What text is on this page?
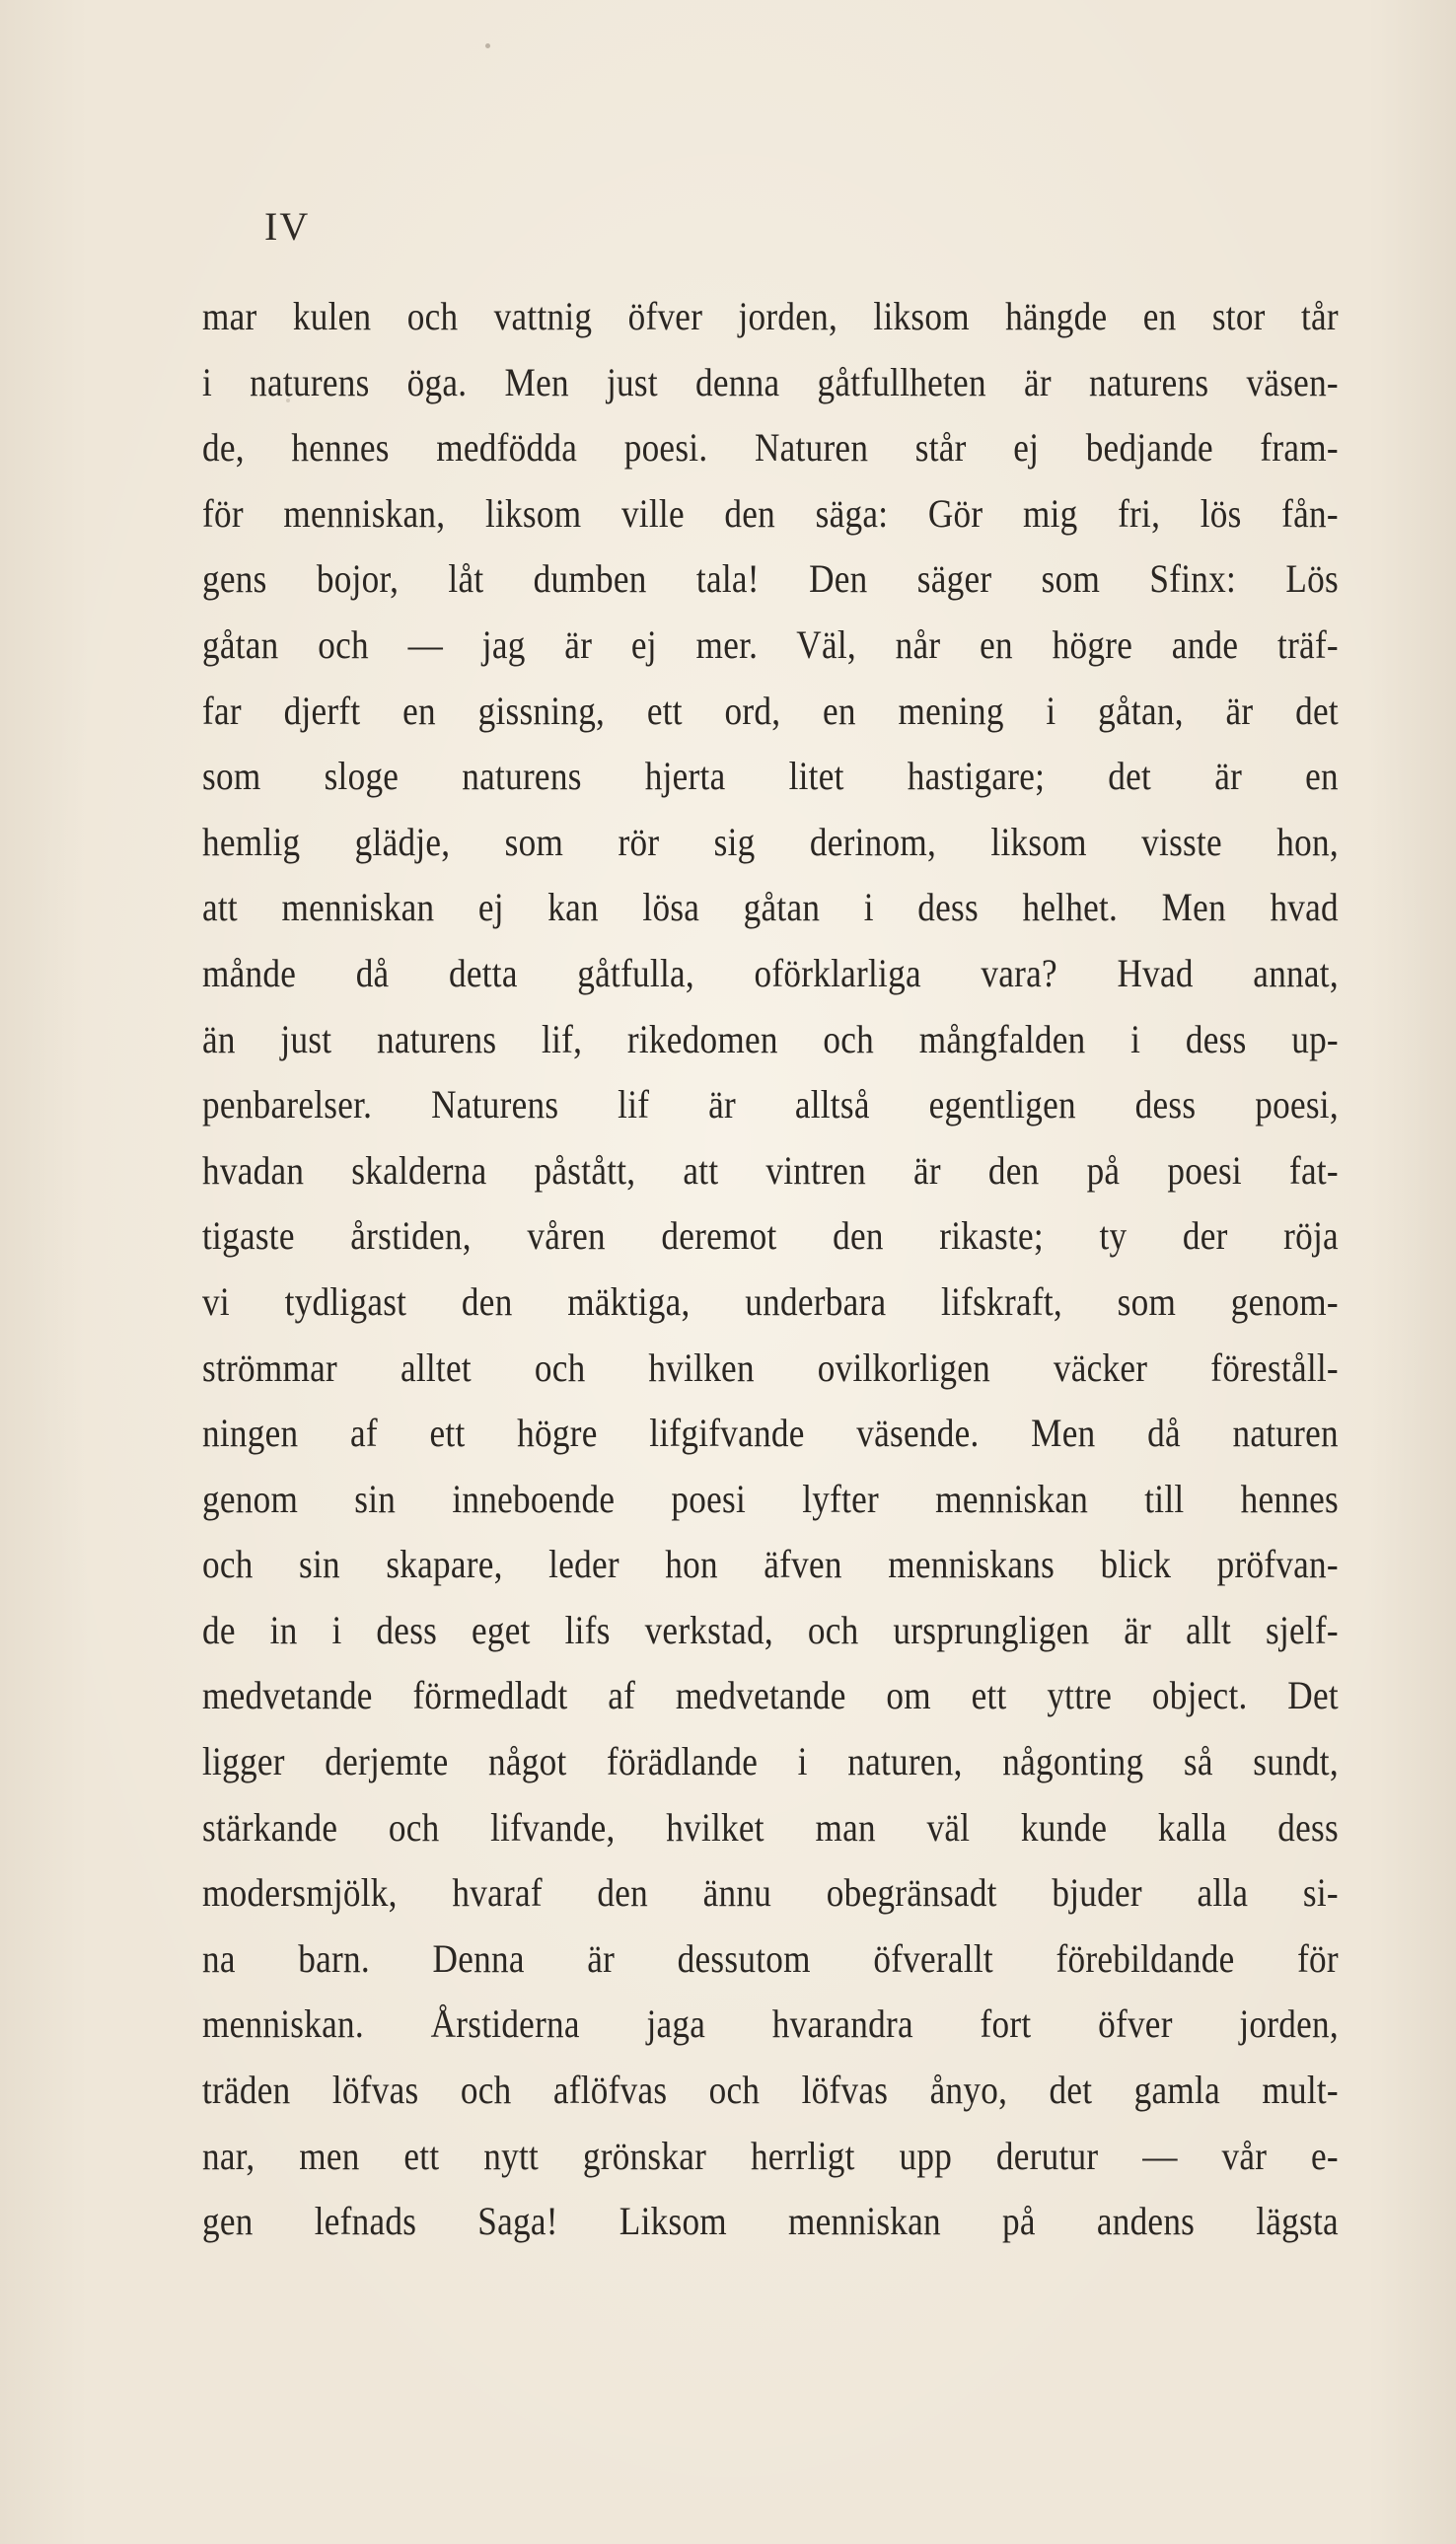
IV
mar kulen och vattnig öfver jorden, liksom hängde en stor tår
i naturens öga. Men just denna gåtfullheten är naturens väsen-
de, hennes medfödda poesi. Naturen står ej bedjande fram-
för menniskan, liksom ville den säga: Gör mig fri, lös fån-
gens bojor, låt dumben tala! Den säger som Sfinx: Lös
gåtan och — jag är ej mer. Väl, når en högre ande träf-
far djerft en gissning, ett ord, en mening i gåtan, är det
som sloge naturens hjerta litet hastigare; det är en
hemlig glädje, som rör sig derinom, liksom visste hon,
att menniskan ej kan lösa gåtan i dess helhet. Men hvad
månde då detta gåtfulla, oförklarliga vara? Hvad annat,
än just naturens lif, rikedomen och mångfalden i dess up-
penbarelser. Naturens lif är alltså egentligen dess poesi,
hvadan skalderna påstått, att vintren är den på poesi fat-
tigaste årstiden, våren deremot den rikaste; ty der röja
vi tydligast den mäktiga, underbara lifskraft, som genom-
strömmar alltet och hvilken ovilkorligen väcker föreståll-
ningen af ett högre lifgifvande väsende. Men då naturen
genom sin inneboende poesi lyfter menniskan till hennes
och sin skapare, leder hon äfven menniskans blick pröfvan-
de in i dess eget lifs verkstad, och ursprungligen är allt sjelf-
medvetande förmedladt af medvetande om ett yttre object. Det
ligger derjemte något förädlande i naturen, någonting så sundt,
stärkande och lifvande, hvilket man väl kunde kalla dess
modersmjölk, hvaraf den ännu obegränsadt bjuder alla si-
na barn. Denna är dessutom öfverallt förebildande för
menniskan. Årstiderna jaga hvarandra fort öfver jorden,
träden löfvas och aflöfvas och löfvas ånyo, det gamla mult-
nar, men ett nytt grönskar herrligt upp derutur — vår e-
gen lefnads Saga! Liksom menniskan på andens lägsta
